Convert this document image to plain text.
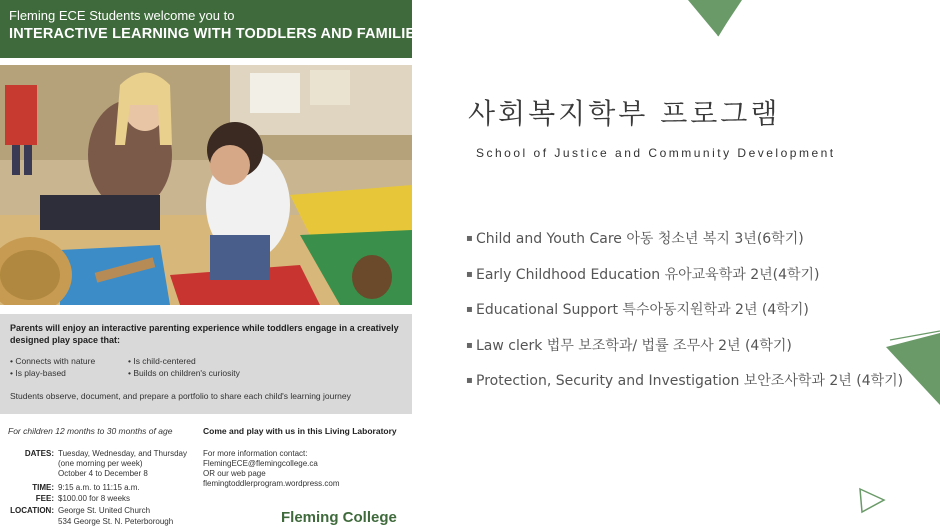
Fleming ECE Students welcome you to
INTERACTIVE LEARNING WITH TODDLERS AND FAMILIES
Parents will enjoy an interactive parenting experience while toddlers engage in a creatively designed play space that:
• Connects with nature	• Is child-centered
• Is play-based	• Builds on children's curiosity
Students observe, document, and prepare a portfolio to share each child's learning journey
For children 12 months to 30 months of age	Come and play with us in this Living Laboratory
DATES: Tuesday, Wednesday, and Thursday
(one morning per week)
October 4 to December 8
TIME: 9:15 a.m. to 11:15 a.m.
FEE: $100.00 for 8 weeks
LOCATION: George St. United Church
534 George St. N. Peterborough
For more information contact:
FlemingECE@flemingcollege.ca
OR our web page
flemingtoddlerprogram.wordpress.com
Fleming College
사회복지학부 프로그램
School of Justice and Community Development
▪ Child and Youth Care 아동 청소년 복지 3년(6학기)
▪ Early Childhood Education 유아교육학과 2년(4학기)
▪ Educational Support 특수아동지원학과 2년 (4학기)
▪ Law clerk 법무 보조학과/ 법률 조무사 2년 (4학기)
▪ Protection, Security and Investigation 보안조사학과 2년 (4학기)
